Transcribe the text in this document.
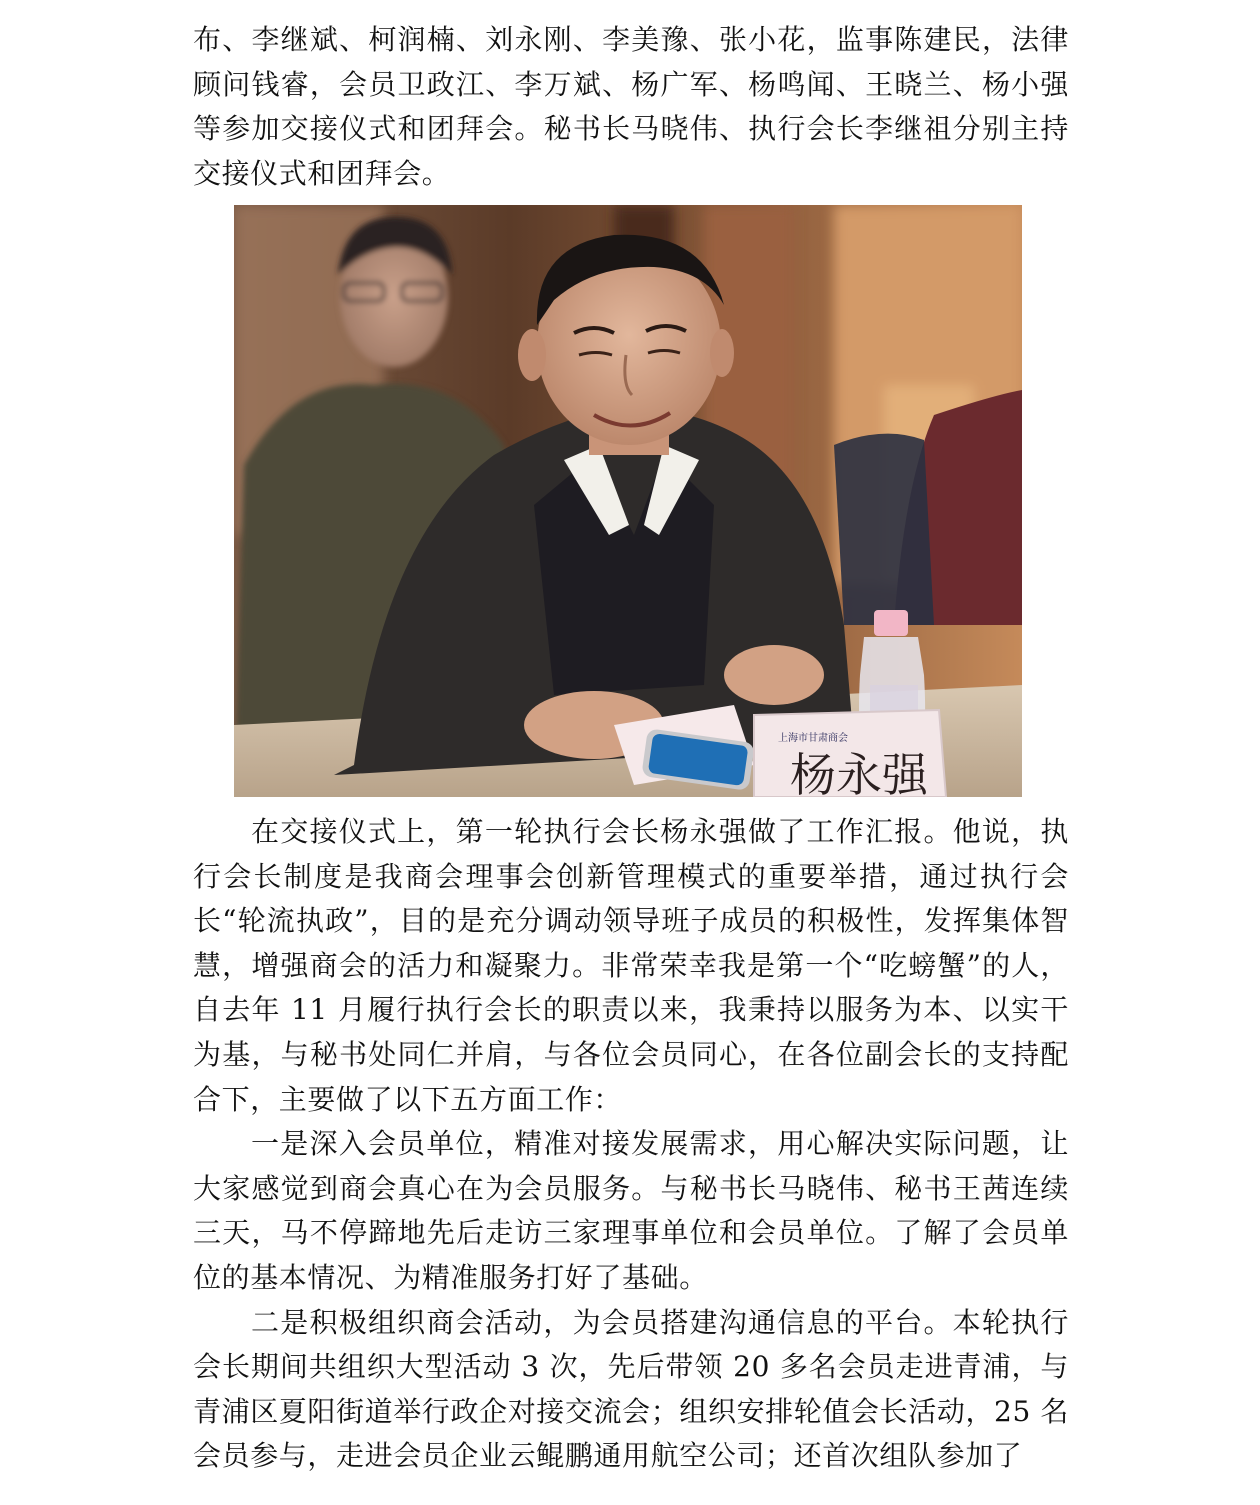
布、李继斌、柯润楠、刘永刚、李美豫、张小花，监事陈建民，法律顾问钱睿，会员卫政江、李万斌、杨广军、杨鸣闻、王晓兰、杨小强等参加交接仪式和团拜会。秘书长马晓伟、执行会长李继祖分别主持交接仪式和团拜会。

上海市甘肃商会
杨永强

在交接仪式上，第一轮执行会长杨永强做了工作汇报。他说，执行会长制度是我商会理事会创新管理模式的重要举措，通过执行会长“轮流执政”，目的是充分调动领导班子成员的积极性，发挥集体智慧，增强商会的活力和凝聚力。非常荣幸我是第一个“吃螃蟹”的人，自去年 11 月履行执行会长的职责以来，我秉持以服务为本、以实干为基，与秘书处同仁并肩，与各位会员同心，在各位副会长的支持配合下，主要做了以下五方面工作：

一是深入会员单位，精准对接发展需求，用心解决实际问题，让大家感觉到商会真心在为会员服务。与秘书长马晓伟、秘书王茜连续三天，马不停蹄地先后走访三家理事单位和会员单位。了解了会员单位的基本情况、为精准服务打好了基础。

二是积极组织商会活动，为会员搭建沟通信息的平台。本轮执行会长期间共组织大型活动 3 次，先后带领 20 多名会员走进青浦，与青浦区夏阳街道举行政企对接交流会；组织安排轮值会长活动，25 名会员参与，走进会员企业云鲲鹏通用航空公司；还首次组队参加了
